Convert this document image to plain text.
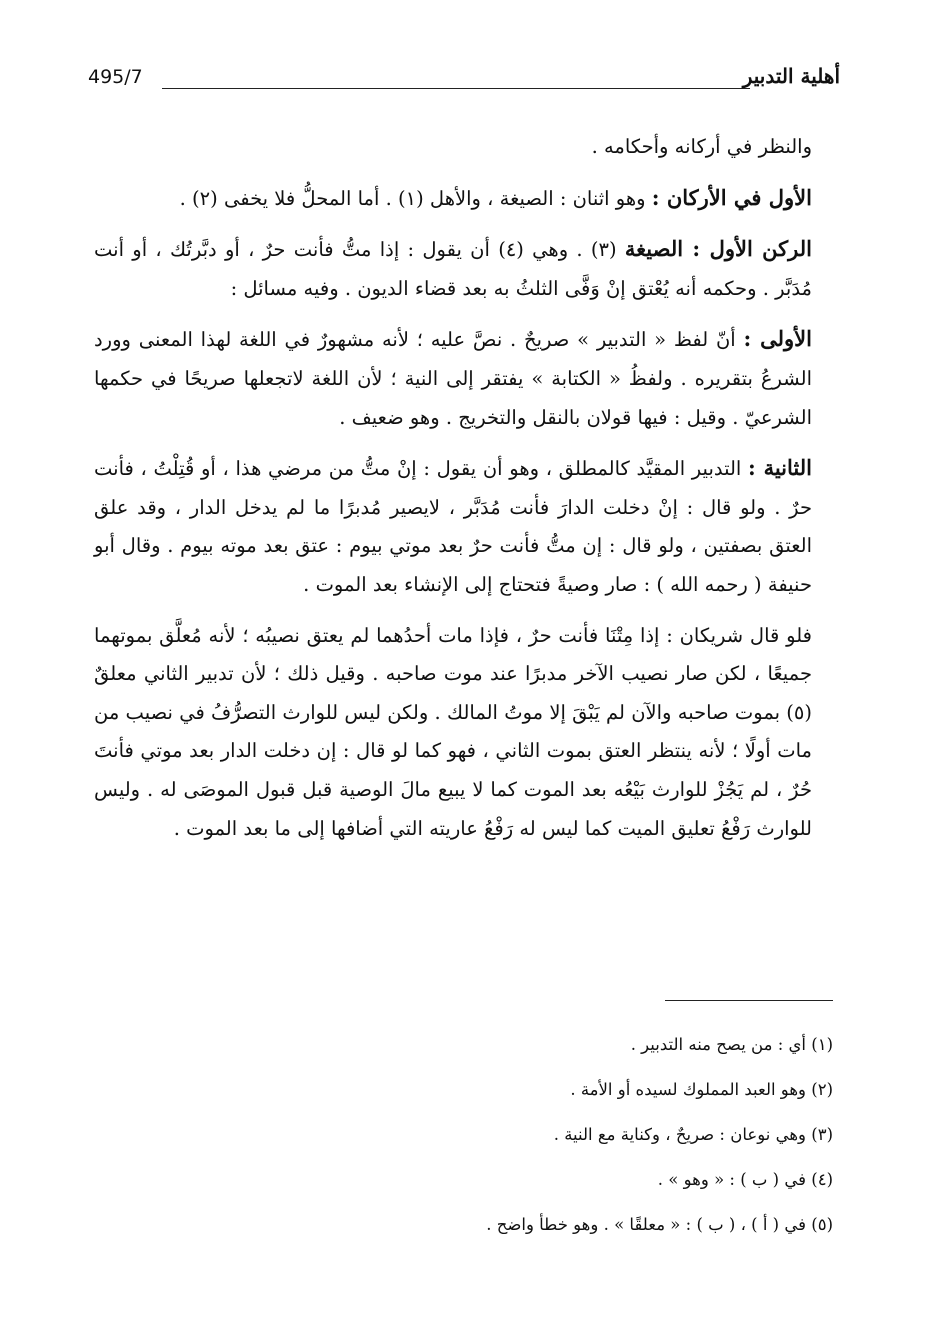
495/7	أهلية التدبير

والنظر في أركانه وأحكامه .

الأول في الأركان : وهو اثنان : الصيغة ، والأهل (١) . أما المحلُّ فلا يخفى (٢) .

الركن الأول : الصيغة (٣) . وهي (٤) أن يقول : إذا متُّ فأنت حرٌ ، أو دبَّرتُك ، أو أنت مُدَبَّر . وحكمه أنه يُعْتق إنْ وَفَّى الثلثُ به بعد قضاء الديون . وفيه مسائل :

الأولى : أنّ لفظ « التدبير » صريحٌ . نصَّ عليه ؛ لأنه مشهورٌ في اللغة لهذا المعنى وورد الشرعُ بتقريره . ولفظُ « الكتابة » يفتقر إلى النية ؛ لأن اللغة لاتجعلها صريحًا في حكمها الشرعيّ . وقيل : فيها قولان بالنقل والتخريج . وهو ضعيف .

الثانية : التدبير المقيَّد كالمطلق ، وهو أن يقول : إنْ متُّ من مرضي هذا ، أو قُتِلْتُ ، فأنت حرٌ . ولو قال : إنْ دخلت الدارَ فأنت مُدَبَّر ، لايصير مُدبرًا ما لم يدخل الدار ، وقد علق العتق بصفتين ، ولو قال : إن متُّ فأنت حرٌ بعد موتي بيوم : عتق بعد موته بيوم . وقال أبو حنيفة ( رحمه الله ) : صار وصيةً فتحتاج إلى الإنشاء بعد الموت .

فلو قال شريكان : إذا مِتْنَا فأنت حرٌ ، فإذا مات أحدُهما لم يعتق نصيبُه ؛ لأنه مُعلَّق بموتهما جميعًا ، لكن صار نصيب الآخر مدبرًا عند موت صاحبه . وقيل ذلك ؛ لأن تدبير الثاني معلقٌ (٥) بموت صاحبه والآن لم يَبْقَ إلا موتُ المالك . ولكن ليس للوارث التصرُّفُ في نصيب من مات أولًا ؛ لأنه ينتظر العتق بموت الثاني ، فهو كما لو قال : إن دخلت الدار بعد موتي فأنتَ حُرٌ ، لم يَجُزْ للوارث بَيْعُه بعد الموت كما لا يبيع مالَ الوصية قبل قبول الموصَى له . وليس للوارث رَفْعُ تعليق الميت كما ليس له رَفْعُ عاريته التي أضافها إلى ما بعد الموت .

(١) أي : من يصح منه التدبير .
(٢) وهو العبد المملوك لسيده أو الأمة .
(٣) وهي نوعان : صريحٌ ، وكناية مع النية .
(٤) في ( ب ) : « وهو » .
(٥) في ( أ ) ، ( ب ) : « معلقًا » . وهو خطأ واضح .
